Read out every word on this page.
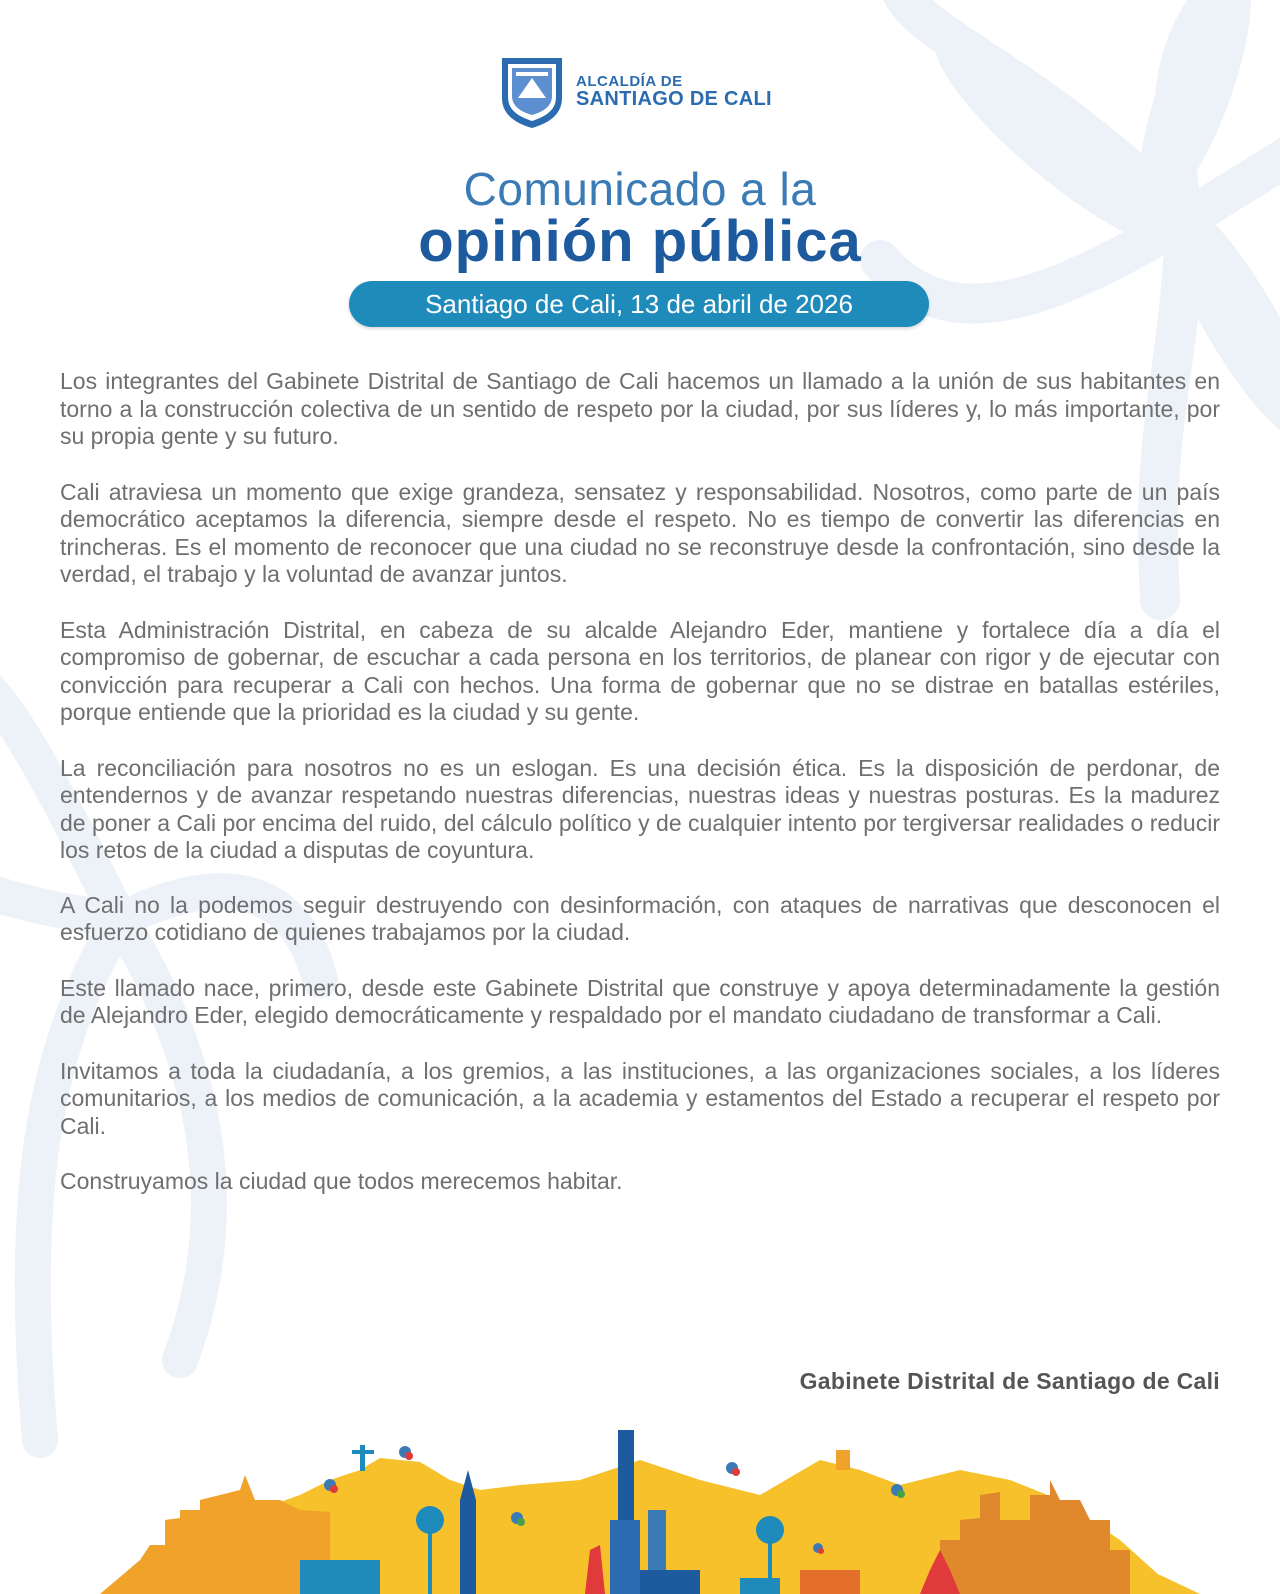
ALCALDÍA DE
SANTIAGO DE CALI
Comunicado a la
opinión pública
Santiago de Cali, 13 de abril de 2026

Los integrantes del Gabinete Distrital de Santiago de Cali hacemos un llamado a la unión de sus habitantes en torno a la construcción colectiva de un sentido de respeto por la ciudad, por sus líderes y, lo más importante, por su propia gente y su futuro.

Cali atraviesa un momento que exige grandeza, sensatez y responsabilidad. Nosotros, como parte de un país democrático aceptamos la diferencia, siempre desde el respeto. No es tiempo de convertir las diferencias en trincheras. Es el momento de reconocer que una ciudad no se reconstruye desde la confrontación, sino desde la verdad, el trabajo y la voluntad de avanzar juntos.

Esta Administración Distrital, en cabeza de su alcalde Alejandro Eder, mantiene y fortalece día a día el compromiso de gobernar, de escuchar a cada persona en los territorios, de planear con rigor y de ejecutar con convicción para recuperar a Cali con hechos. Una forma de gobernar que no se distrae en batallas estériles, porque entiende que la prioridad es la ciudad y su gente.

La reconciliación para nosotros no es un eslogan. Es una decisión ética. Es la disposición de perdonar, de entendernos y de avanzar respetando nuestras diferencias, nuestras ideas y nuestras posturas. Es la madurez de poner a Cali por encima del ruido, del cálculo político y de cualquier intento por tergiversar realidades o reducir los retos de la ciudad a disputas de coyuntura.

A Cali no la podemos seguir destruyendo con desinformación, con ataques de narrativas que desconocen el esfuerzo cotidiano de quienes trabajamos por la ciudad.

Este llamado nace, primero, desde este Gabinete Distrital que construye y apoya determinadamente la gestión de Alejandro Eder, elegido democráticamente y respaldado por el mandato ciudadano de transformar a Cali.

Invitamos a toda la ciudadanía, a los gremios, a las instituciones, a las organizaciones sociales, a los líderes comunitarios, a los medios de comunicación, a la academia y estamentos del Estado a recuperar el respeto por Cali.

Construyamos la ciudad que todos merecemos habitar.

Gabinete Distrital de Santiago de Cali
